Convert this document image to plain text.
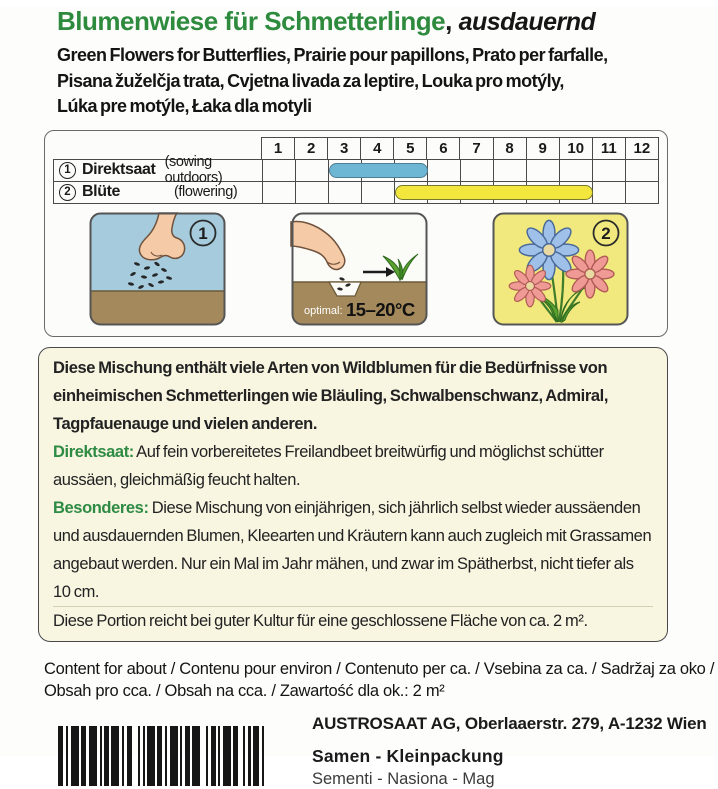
Blumenwiese für Schmetterlinge, ausdauernd
Green Flowers for Butterflies, Prairie pour papillons, Prato per farfalle,
Pisana žuželčja trata, Cvjetna livada za leptire, Louka pro motýly,
Lúka pre motýle, Łaka dla motyli
1	2	3	4	5	6	7	8	9	10	11	12
1 Direktsaat (sowing outdoors)
2 Blüte	(flowering)
1
optimal: 15–20°C
2

Diese Mischung enthält viele Arten von Wildblumen für die Bedürfnisse von einheimischen Schmetterlingen wie Bläuling, Schwalbenschwanz, Admiral, Tagpfauenauge und vielen anderen.

Direktsaat: Auf fein vorbereitetes Freilandbeet breitwürfig und möglichst schütter aussäen, gleichmäßig feucht halten.

Besonderes: Diese Mischung von einjährigen, sich jährlich selbst wieder aussäenden und ausdauernden Blumen, Kleearten und Kräutern kann auch zugleich mit Grassamen angebaut werden. Nur ein Mal im Jahr mähen, und zwar im Spätherbst, nicht tiefer als 10 cm.

Diese Portion reicht bei guter Kultur für eine geschlossene Fläche von ca. 2 m².

Content for about / Contenu pour environ / Contenuto per ca. / Vsebina za ca. / Sadržaj za oko /
Obsah pro cca. / Obsah na cca. / Zawartość dla ok.: 2 m²
AUSTROSAAT AG, Oberlaaerstr. 279, A-1232 Wien
Samen - Kleinpackung
Sementi - Nasiona - Mag
